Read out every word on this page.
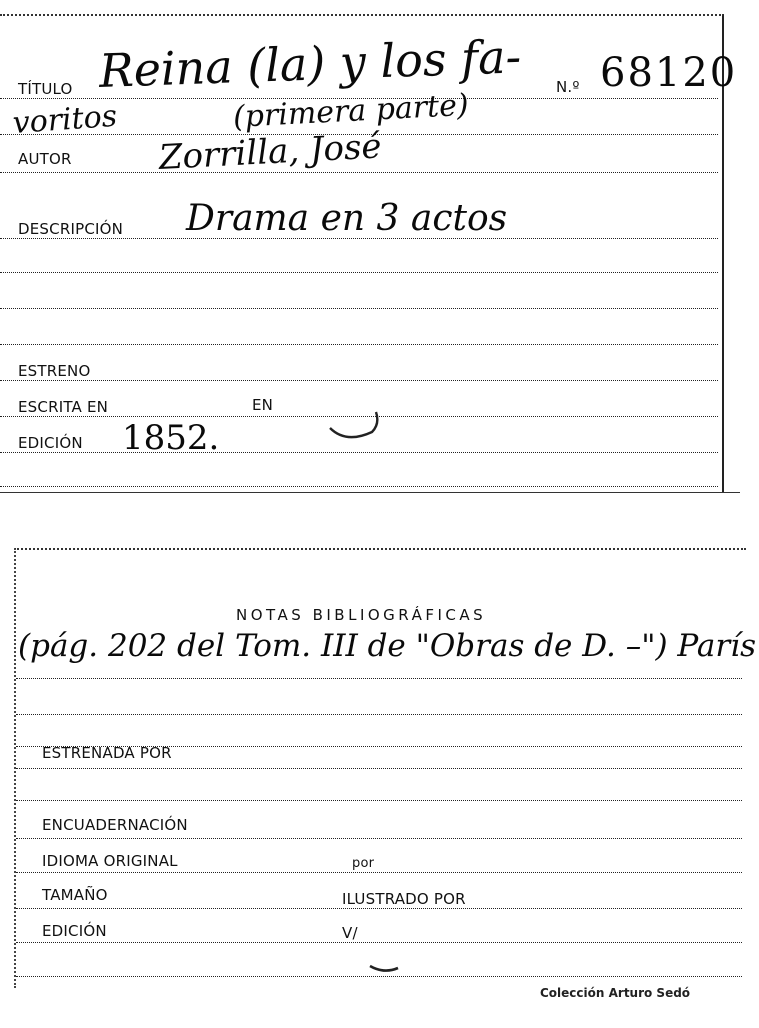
TÍTULO Reina (la) y los fa- N.º 68120
voritos	(primera parte)
AUTOR	Zorrilla, José
DESCRIPCIÓN Drama en 3 actos
ESTRENO
ESCRITA EN	EN
EDICIÓN 1852.
NOTAS BIBLIOGRÁFICAS
(pág. 202 del Tom. III de "Obras de D. –") París
ESTRENADA POR
ENCUADERNACIÓN
IDIOMA ORIGINAL	por
TAMAÑO	ILUSTRADO POR
EDICIÓN	V/
Colección Arturo Sedó
